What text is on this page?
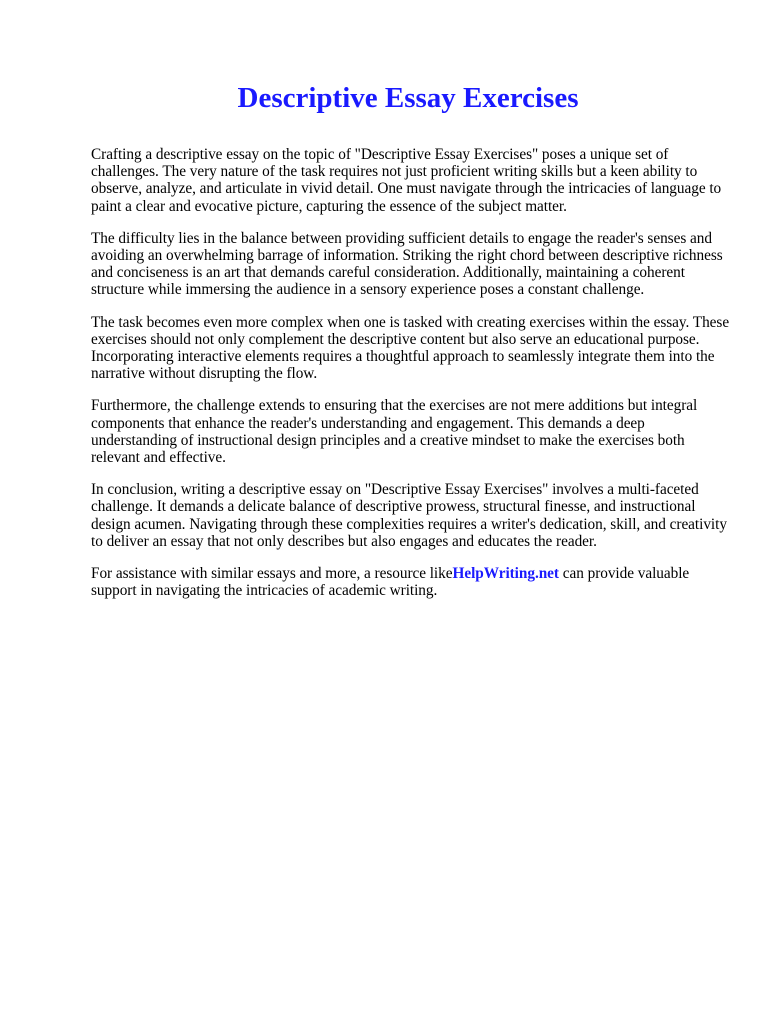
Descriptive Essay Exercises

Crafting a descriptive essay on the topic of "Descriptive Essay Exercises" poses a unique set of challenges. The very nature of the task requires not just proficient writing skills but a keen ability to observe, analyze, and articulate in vivid detail. One must navigate through the intricacies of language to paint a clear and evocative picture, capturing the essence of the subject matter.

The difficulty lies in the balance between providing sufficient details to engage the reader's senses and avoiding an overwhelming barrage of information. Striking the right chord between descriptive richness and conciseness is an art that demands careful consideration. Additionally, maintaining a coherent structure while immersing the audience in a sensory experience poses a constant challenge.

The task becomes even more complex when one is tasked with creating exercises within the essay. These exercises should not only complement the descriptive content but also serve an educational purpose. Incorporating interactive elements requires a thoughtful approach to seamlessly integrate them into the narrative without disrupting the flow.

Furthermore, the challenge extends to ensuring that the exercises are not mere additions but integral components that enhance the reader's understanding and engagement. This demands a deep understanding of instructional design principles and a creative mindset to make the exercises both relevant and effective.

In conclusion, writing a descriptive essay on "Descriptive Essay Exercises" involves a multi-faceted challenge. It demands a delicate balance of descriptive prowess, structural finesse, and instructional design acumen. Navigating through these complexities requires a writer's dedication, skill, and creativity to deliver an essay that not only describes but also engages and educates the reader.

For assistance with similar essays and more, a resource likeHelpWriting.net can provide valuable support in navigating the intricacies of academic writing.
